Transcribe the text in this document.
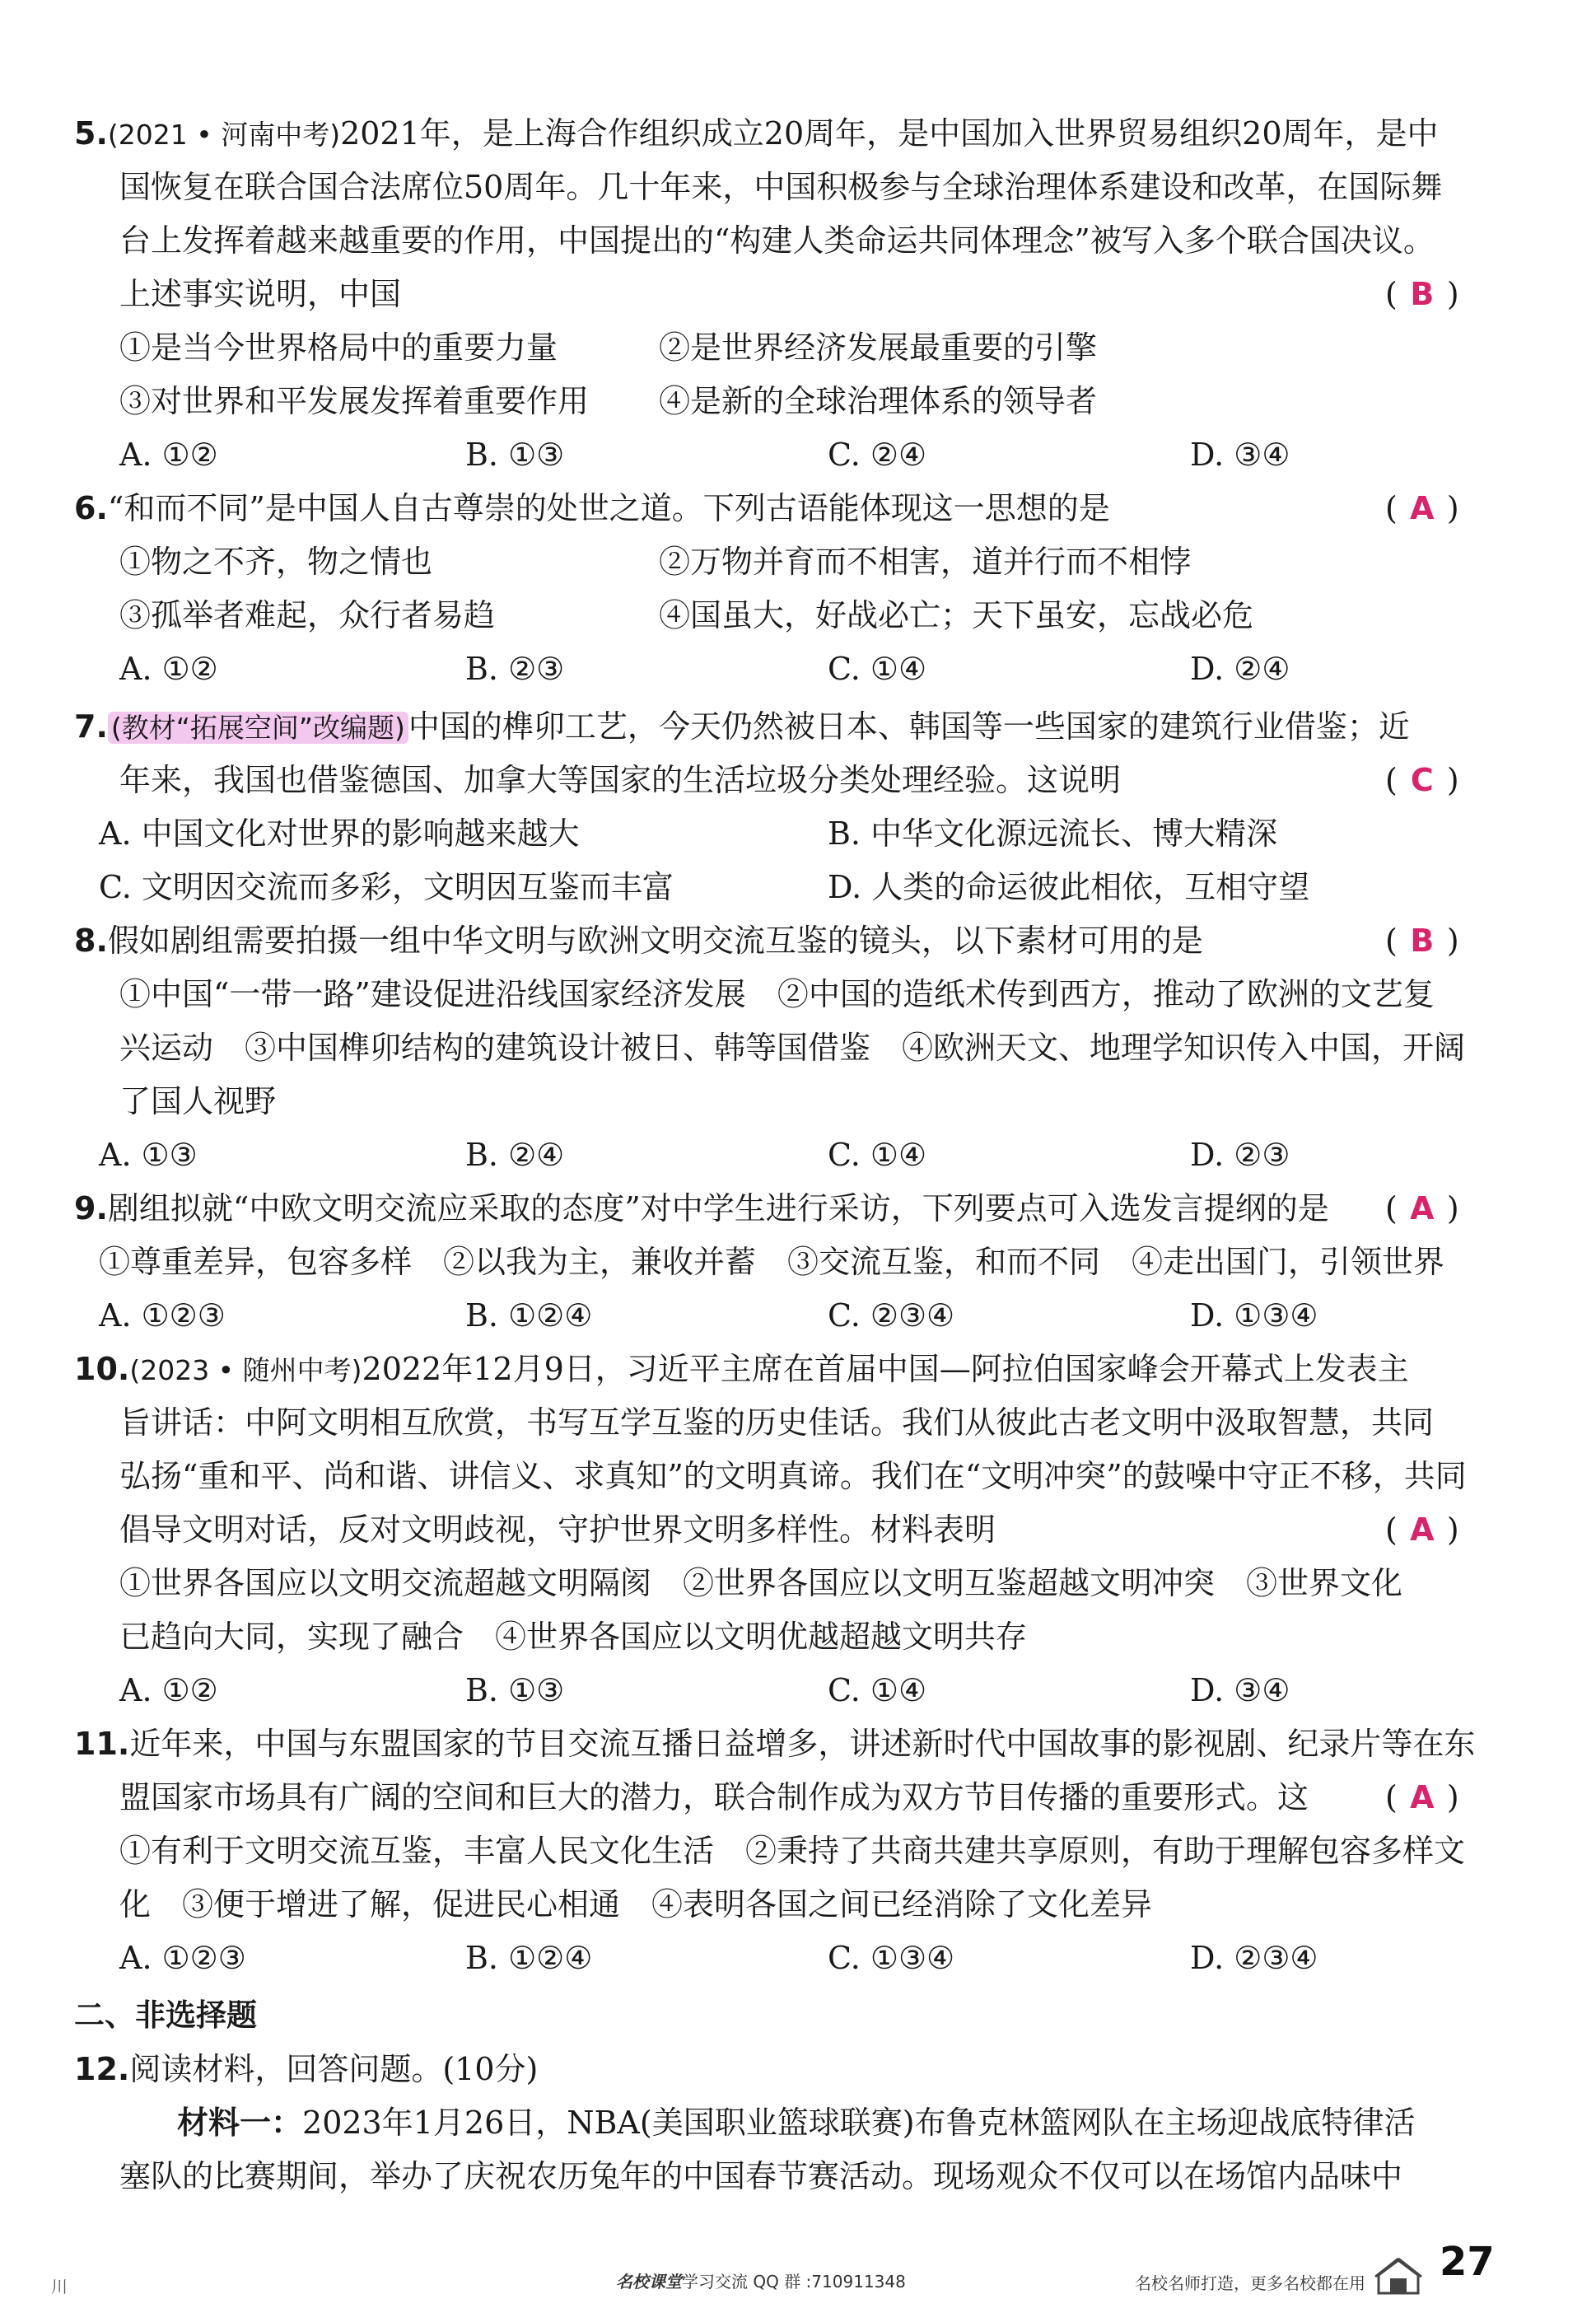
5.(2021 • 河南中考)2021年，是上海合作组织成立20周年，是中国加入世界贸易组织20周年，是中
国恢复在联合国合法席位50周年。几十年来，中国积极参与全球治理体系建设和改革，在国际舞
台上发挥着越来越重要的作用，中国提出的“构建人类命运共同体理念”被写入多个联合国决议。
上述事实说明，中国	( B )
①是当今世界格局中的重要力量	②是世界经济发展最重要的引擎
③对世界和平发展发挥着重要作用 ④是新的全球治理体系的领导者
A. ①②	B. ①③	C. ②④	D. ③④
6.“和而不同”是中国人自古尊崇的处世之道。下列古语能体现这一思想的是	( A )
①物之不齐，物之情也	②万物并育而不相害，道并行而不相悖
③孤举者难起，众行者易趋	④国虽大，好战必亡；天下虽安，忘战必危
A. ①②	B. ②③	C. ①④	D. ②④
7. (教材“拓展空间”改编题) 中国的榫卯工艺，今天仍然被日本、韩国等一些国家的建筑行业借鉴；近
年来，我国也借鉴德国、加拿大等国家的生活垃圾分类处理经验。这说明	( C )
A. 中国文化对世界的影响越来越大	B. 中华文化源远流长、博大精深
C. 文明因交流而多彩，文明因互鉴而丰富	D. 人类的命运彼此相依，互相守望
8.假如剧组需要拍摄一组中华文明与欧洲文明交流互鉴的镜头，以下素材可用的是	( B )
①中国“一带一路”建设促进沿线国家经济发展　②中国的造纸术传到西方，推动了欧洲的文艺复
兴运动　③中国榫卯结构的建筑设计被日、韩等国借鉴　④欧洲天文、地理学知识传入中国，开阔
了国人视野
A. ①③	B. ②④	C. ①④	D. ②③
9.剧组拟就“中欧文明交流应采取的态度”对中学生进行采访，下列要点可入选发言提纲的是 ( A )
①尊重差异，包容多样　②以我为主，兼收并蓄　③交流互鉴，和而不同　④走出国门，引领世界
A. ①②③	B. ①②④	C. ②③④	D. ①③④
10.(2023 • 随州中考)2022年12月9日，习近平主席在首届中国—阿拉伯国家峰会开幕式上发表主
旨讲话：中阿文明相互欣赏，书写互学互鉴的历史佳话。我们从彼此古老文明中汲取智慧，共同
弘扬“重和平、尚和谐、讲信义、求真知”的文明真谛。我们在“文明冲突”的鼓噪中守正不移，共同
倡导文明对话，反对文明歧视，守护世界文明多样性。材料表明	( A )
①世界各国应以文明交流超越文明隔阂　②世界各国应以文明互鉴超越文明冲突　③世界文化
已趋向大同，实现了融合　④世界各国应以文明优越超越文明共存
A. ①②	B. ①③	C. ①④	D. ③④
11.近年来，中国与东盟国家的节目交流互播日益增多，讲述新时代中国故事的影视剧、纪录片等在东
盟国家市场具有广阔的空间和巨大的潜力，联合制作成为双方节目传播的重要形式。这 ( A )
①有利于文明交流互鉴，丰富人民文化生活　②秉持了共商共建共享原则，有助于理解包容多样文
化　③便于增进了解，促进民心相通　④表明各国之间已经消除了文化差异
A. ①②③	B. ①②④	C. ①③④	D. ②③④
二、非选择题
12.阅读材料，回答问题。(10分)
材料一：2023年1月26日，NBA(美国职业篮球联赛)布鲁克林篮网队在主场迎战底特律活
塞队的比赛期间，举办了庆祝农历兔年的中国春节赛活动。现场观众不仅可以在场馆内品味中
川	名校课堂学习交流 QQ 群 :710911348	名校名师打造，更多名校都在用 27
